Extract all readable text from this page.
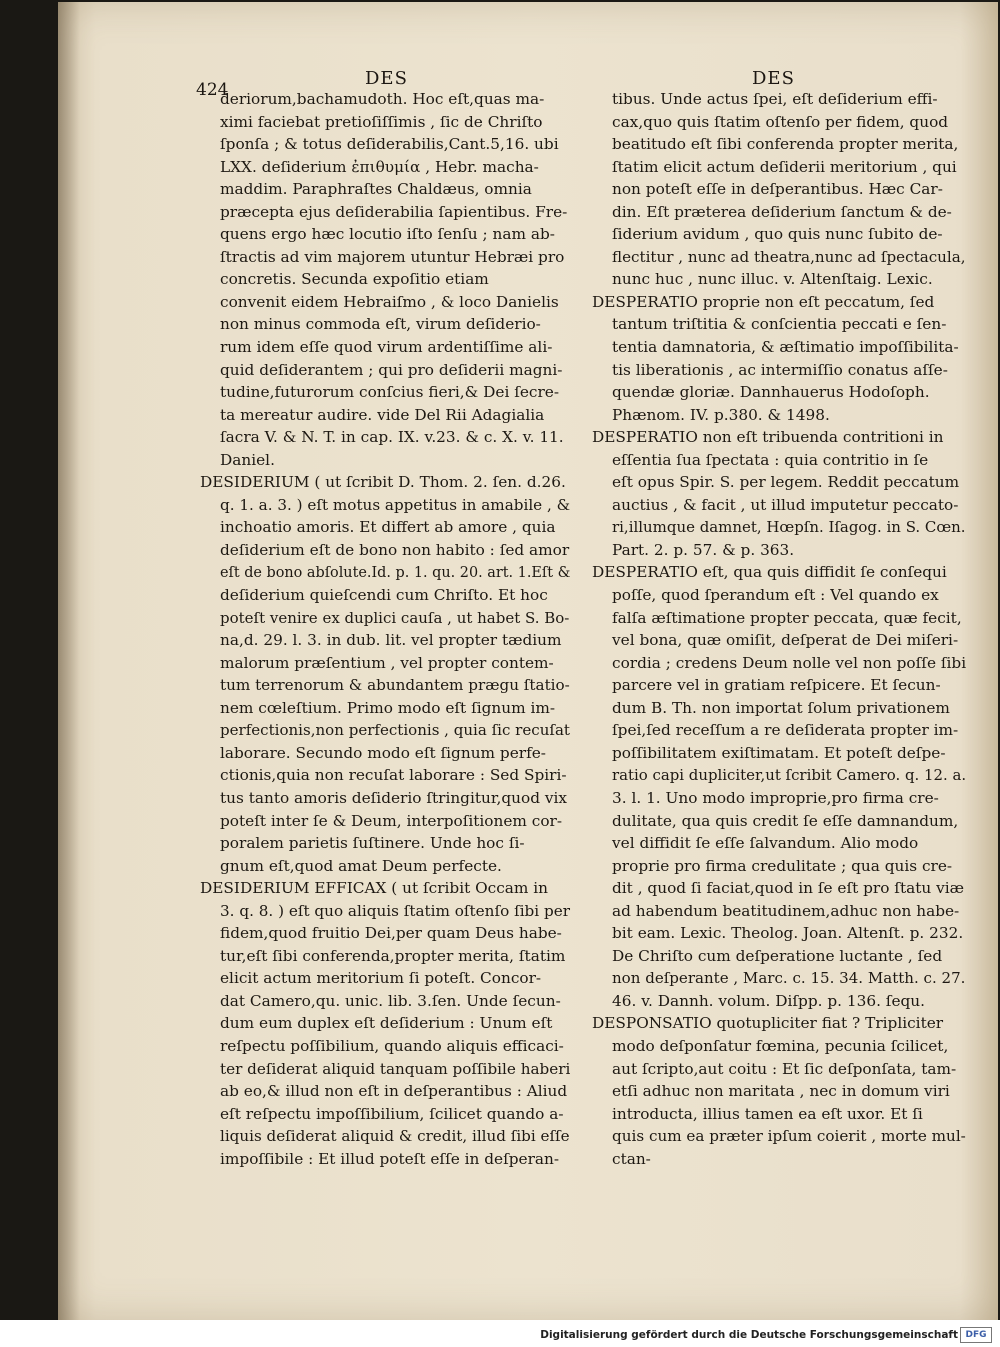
DES	DES
424
deriorum,bachamudoth. Hoc eſt,quas ma-
ximi faciebat pretioſiſſimis , ſic de Chriſto
ſponſa ; & totus deſiderabilis,Cant.5,16. ubi
LXX. deſiderium ἐπιθυμία , Hebr. macha-
maddim. Paraphraſtes Chaldæus, omnia
præcepta ejus deſiderabilia ſapientibus. Fre-
quens ergo hæc locutio iſto ſenſu ; nam ab-
ſtractis ad vim majorem utuntur Hebræi pro
concretis. Secunda expoſitio etiam
convenit eidem Hebraiſmo , & loco Danielis
non minus commoda eſt, virum deſiderio-
rum idem eſſe quod virum ardentiſſime ali-
quid deſiderantem ; qui pro deſiderii magni-
tudine,futurorum conſcius fieri,& Dei ſecre-
ta mereatur audire. vide Del Rii Adagialia
ſacra V. & N. T. in cap. IX. v.23. & c. X. v. 11.
Daniel.
DESIDERIUM ( ut ſcribit D. Thom. 2. ſen. d.26.
q. 1. a. 3. ) eſt motus appetitus in amabile , &
inchoatio amoris. Et differt ab amore , quia
deſiderium eſt de bono non habito : ſed amor
eſt de bono abſolute.Id. p. 1. qu. 20. art. 1.Eſt &
deſiderium quieſcendi cum Chriſto. Et hoc
poteſt venire ex duplici cauſa , ut habet S. Bo-
na,d. 29. l. 3. in dub. lit. vel propter tædium
malorum præſentium , vel propter contem-
tum terrenorum & abundantem prægu ſtatio-
nem cœleſtium. Primo modo eſt ſignum im-
perfectionis,non perfectionis , quia ſic recuſat
laborare. Secundo modo eſt ſignum perfe-
ctionis,quia non recuſat laborare : Sed Spiri-
tus tanto amoris deſiderio ſtringitur,quod vix
poteſt inter ſe & Deum, interpoſitionem cor-
poralem parietis ſuſtinere. Unde hoc ſi-
gnum eſt,quod amat Deum perfecte.
DESIDERIUM EFFICAX ( ut ſcribit Occam in
3. q. 8. ) eſt quo aliquis ſtatim oſtenſo ſibi per
fidem,quod fruitio Dei,per quam Deus habe-
tur,eſt ſibi conferenda,propter merita, ſtatim
elicit actum meritorium ſi poteſt. Concor-
dat Camero,qu. unic. lib. 3.ſen. Unde ſecun-
dum eum duplex eſt deſiderium : Unum eſt
reſpectu poſſibilium, quando aliquis efficaci-
ter deſiderat aliquid tanquam poſſibile haberi
ab eo,& illud non eſt in deſperantibus : Aliud
eſt reſpectu impoſſibilium, ſcilicet quando a-
liquis deſiderat aliquid & credit, illud ſibi eſſe
impoſſibile : Et illud poteſt eſſe in deſperan-
tibus. Unde actus ſpei, eſt deſiderium effi-
cax,quo quis ſtatim oſtenſo per fidem, quod
beatitudo eſt ſibi conferenda propter merita,
ſtatim elicit actum deſiderii meritorium , qui
non poteſt eſſe in deſperantibus. Hæc Car-
din. Eſt præterea deſiderium ſanctum & de-
ſiderium avidum , quo quis nunc ſubito de-
flectitur , nunc ad theatra,nunc ad ſpectacula,
nunc huc , nunc illuc. v. Altenſtaig. Lexic.
DESPERATIO proprie non eſt peccatum, ſed
tantum triſtitia & conſcientia peccati e ſen-
tentia damnatoria, & æſtimatio impoſſibilita-
tis liberationis , ac intermiſſio conatus aſſe-
quendæ gloriæ. Dannhauerus Hodoſoph.
Phænom. IV. p.380. & 1498.
DESPERATIO non eſt tribuenda contritioni in
eſſentia ſua ſpectata : quia contritio in ſe
eſt opus Spir. S. per legem. Reddit peccatum
auctius , & facit , ut illud imputetur peccato-
ri,illumque damnet, Hœpſn. Iſagog. in S. Cœn.
Part. 2. p. 57. & p. 363.
DESPERATIO eſt, qua quis diffidit ſe conſequi
poſſe, quod ſperandum eſt : Vel quando ex
falſa æſtimatione propter peccata, quæ fecit,
vel bona, quæ omiſit, deſperat de Dei miſeri-
cordia ; credens Deum nolle vel non poſſe ſibi
parcere vel in gratiam reſpicere. Et ſecun-
dum B. Th. non importat ſolum privationem
ſpei,ſed receſſum a re deſiderata propter im-
poſſibilitatem exiſtimatam. Et poteſt deſpe-
ratio capi dupliciter,ut ſcribit Camero. q. 12. a.
3. l. 1. Uno modo improprie,pro firma cre-
dulitate, qua quis credit ſe eſſe damnandum,
vel diffidit ſe eſſe ſalvandum. Alio modo
proprie pro firma credulitate ; qua quis cre-
dit , quod ſi faciat,quod in ſe eſt pro ſtatu viæ
ad habendum beatitudinem,adhuc non habe-
bit eam. Lexic. Theolog. Joan. Altenſt. p. 232.
De Chriſto cum deſperatione luctante , ſed
non deſperante , Marc. c. 15. 34. Matth. c. 27.
46. v. Dannh. volum. Diſpp. p. 136. ſequ.
DESPONSATIO quotupliciter fiat ? Tripliciter
modo deſponſatur fœmina, pecunia ſcilicet,
aut ſcripto,aut coitu : Et ſic deſponſata, tam-
etſi adhuc non maritata , nec in domum viri
introducta, illius tamen ea eſt uxor. Et ſi
quis cum ea præter ipſum coierit , morte mul-
ctan-
Digitalisierung gefördert durch die Deutsche Forschungsgemeinschaft DFG
